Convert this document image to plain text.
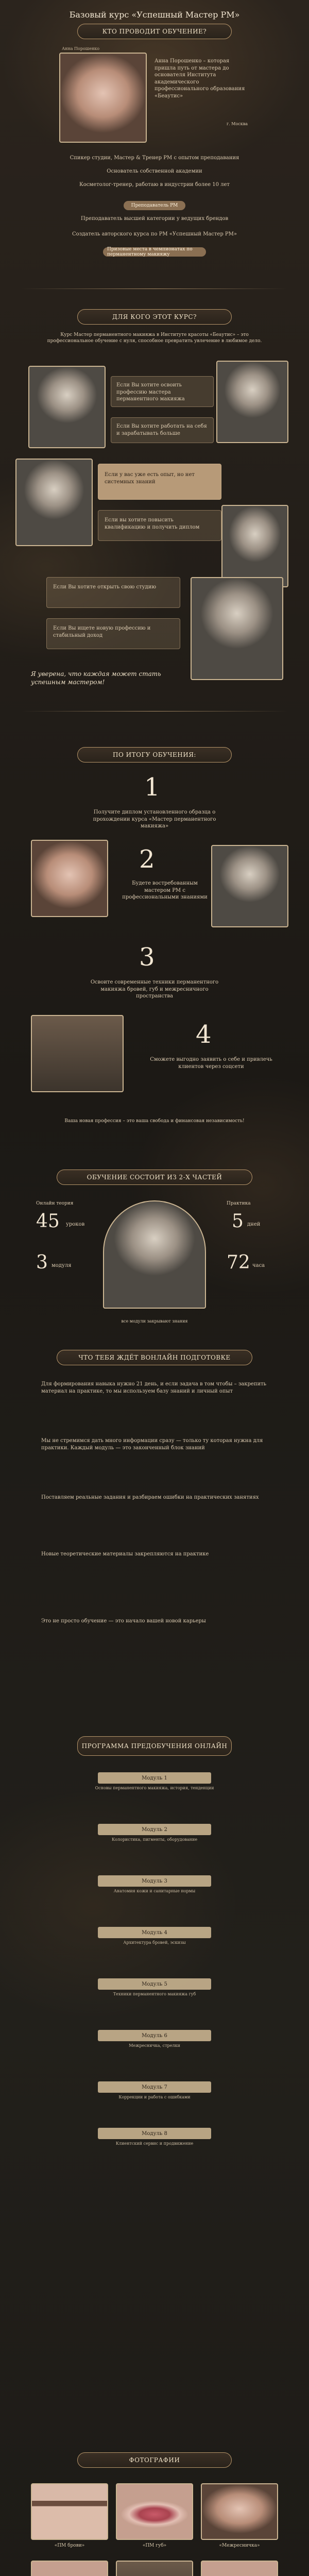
Базовый курс «Успешный Мастер PM»
КТО ПРОВОДИТ ОБУЧЕНИЕ?
Анна Порошенко
Анна Порошенко – которая пришла путь от мастера до основателя Института академического профессионального образования «Беаутис»
г. Москва
Спикер студии, Мастер & Тренер PM с опытом преподавания
Основатель собственной академии
Косметолог-тренер, работаю в индустрии более 10 лет
Преподаватель PM
Преподаватель высшей категории у ведущих брендов
Создатель авторского курса по PM «Успешный Мастер PM»
Призовые места в чемпионатах по перманентному макияжу
ДЛЯ КОГО ЭТОТ КУРС?
Курс Мастер перманентного макияжа в Институте красоты «Беаутис» – это профессиональное обучение с нуля, способное превратить увлечение в любимое дело.
Если Вы хотите освоить профессию мастера перманентного макияжа
Если Вы хотите работать на себя и зарабатывать больше
Если у вас уже есть опыт, но нет системных знаний
Если вы хотите повысить квалификацию и получить диплом
Если Вы хотите открыть свою студию
Если Вы ищете новую профессию и стабильный доход
Я уверена, что каждая может стать успешным мастером!
ПО ИТОГУ ОБУЧЕНИЯ:
1
Получите диплом установленного образца о прохождении курса «Мастер перманентного макияжа»
2
Будете востребованным мастером PM с профессиональными знаниями
3
Освоите современные техники перманентного макияжа бровей, губ и межресничного пространства
4
Сможете выгодно заявить о себе и привлечь клиентов через соцсети
Ваша новая профессия – это ваша свобода и финансовая независимость!
ОБУЧЕНИЕ СОСТОИТ ИЗ 2-Х ЧАСТЕЙ
Онлайн теория	Практика
45 уроков	5 дней
3 модуля	72 часа
все модули закрывают знания
ЧТО ТЕБЯ ЖДЁТ ВОНЛАЙН ПОДГОТОВКЕ
Для формирования навыка нужно 21 день, и если задача в том чтобы – закрепить материал на практике, то мы используем базу знаний и личный опыт
Мы не стремимся дать много информации сразу — только ту которая нужна для практики. Каждый модуль — это законченный блок знаний
Поставляем реальные задания и разбираем ошибки на практических занятиях
Новые теоретические материалы закрепляются на практике
Это не просто обучение — это начало вашей новой карьеры
ПРОГРАММА ПРЕДОБУЧЕНИЯ ОНЛАЙН
Модуль 1
Основы перманентного макияжа, история, тенденции
Модуль 2
Колористика, пигменты, оборудование
Модуль 3
Анатомия кожи и санитарные нормы
Модуль 4
Архитектура бровей, эскизы
Модуль 5
Техники перманентного макияжа губ
Модуль 6
Межресничка, стрелки
Модуль 7
Коррекции и работа с ошибками
Модуль 8
Клиентский сервис и продвижение
ФОТОГРАФИИ
«ПМ брови»	«ПМ губ»	«Межресничка»
